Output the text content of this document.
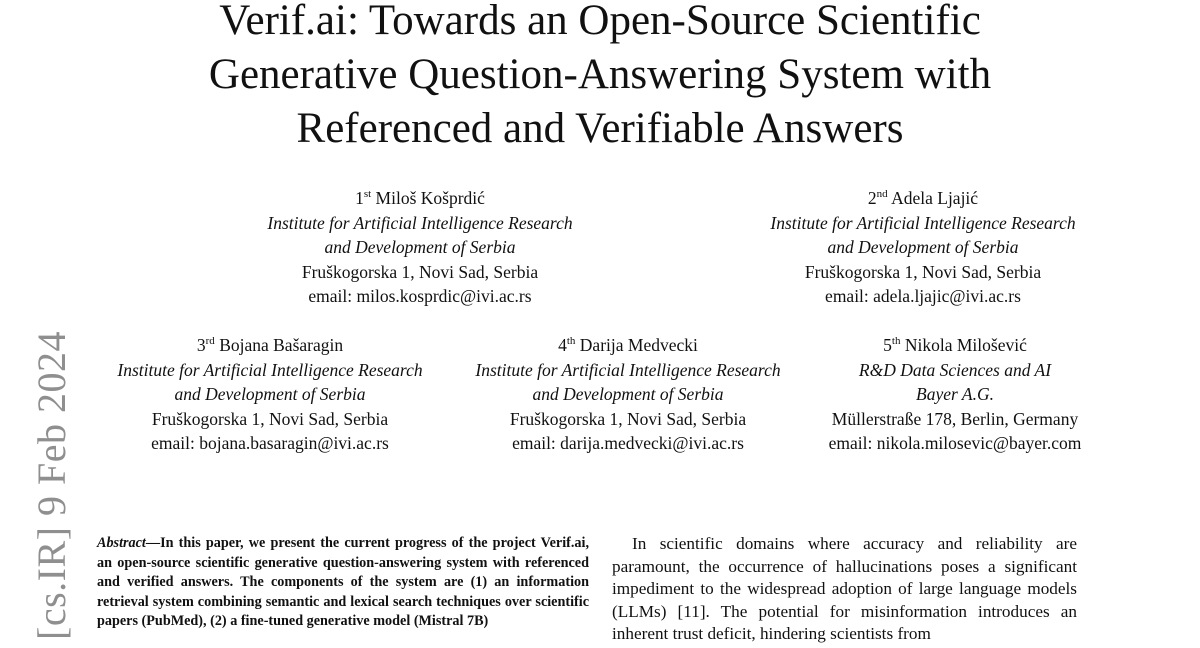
[cs.IR] 9 Feb 2024
Verif.ai: Towards an Open-Source Scientific
Generative Question-Answering System with
Referenced and Verifiable Answers
1st Miloš Košprdić
Institute for Artificial Intelligence Research
and Development of Serbia
Fruškogorska 1, Novi Sad, Serbia
email: milos.kosprdic@ivi.ac.rs
2nd Adela Ljajić
Institute for Artificial Intelligence Research
and Development of Serbia
Fruškogorska 1, Novi Sad, Serbia
email: adela.ljajic@ivi.ac.rs
3rd Bojana Bašaragin
Institute for Artificial Intelligence Research
and Development of Serbia
Fruškogorska 1, Novi Sad, Serbia
email: bojana.basaragin@ivi.ac.rs
4th Darija Medvecki
Institute for Artificial Intelligence Research
and Development of Serbia
Fruškogorska 1, Novi Sad, Serbia
email: darija.medvecki@ivi.ac.rs
5th Nikola Milošević
R&D Data Sciences and AI
Bayer A.G.
Müllerstraße 178, Berlin, Germany
email: nikola.milosevic@bayer.com
Abstract—In this paper, we present the current progress of the project Verif.ai, an open-source scientific generative question-answering system with referenced and verified answers. The components of the system are (1) an information retrieval system combining semantic and lexical search techniques over scientific papers (PubMed), (2) a fine-tuned generative model (Mistral 7B)
In scientific domains where accuracy and reliability are paramount, the occurrence of hallucinations poses a significant impediment to the widespread adoption of large language models (LLMs) [11]. The potential for misinformation introduces an inherent trust deficit, hindering scientists from
